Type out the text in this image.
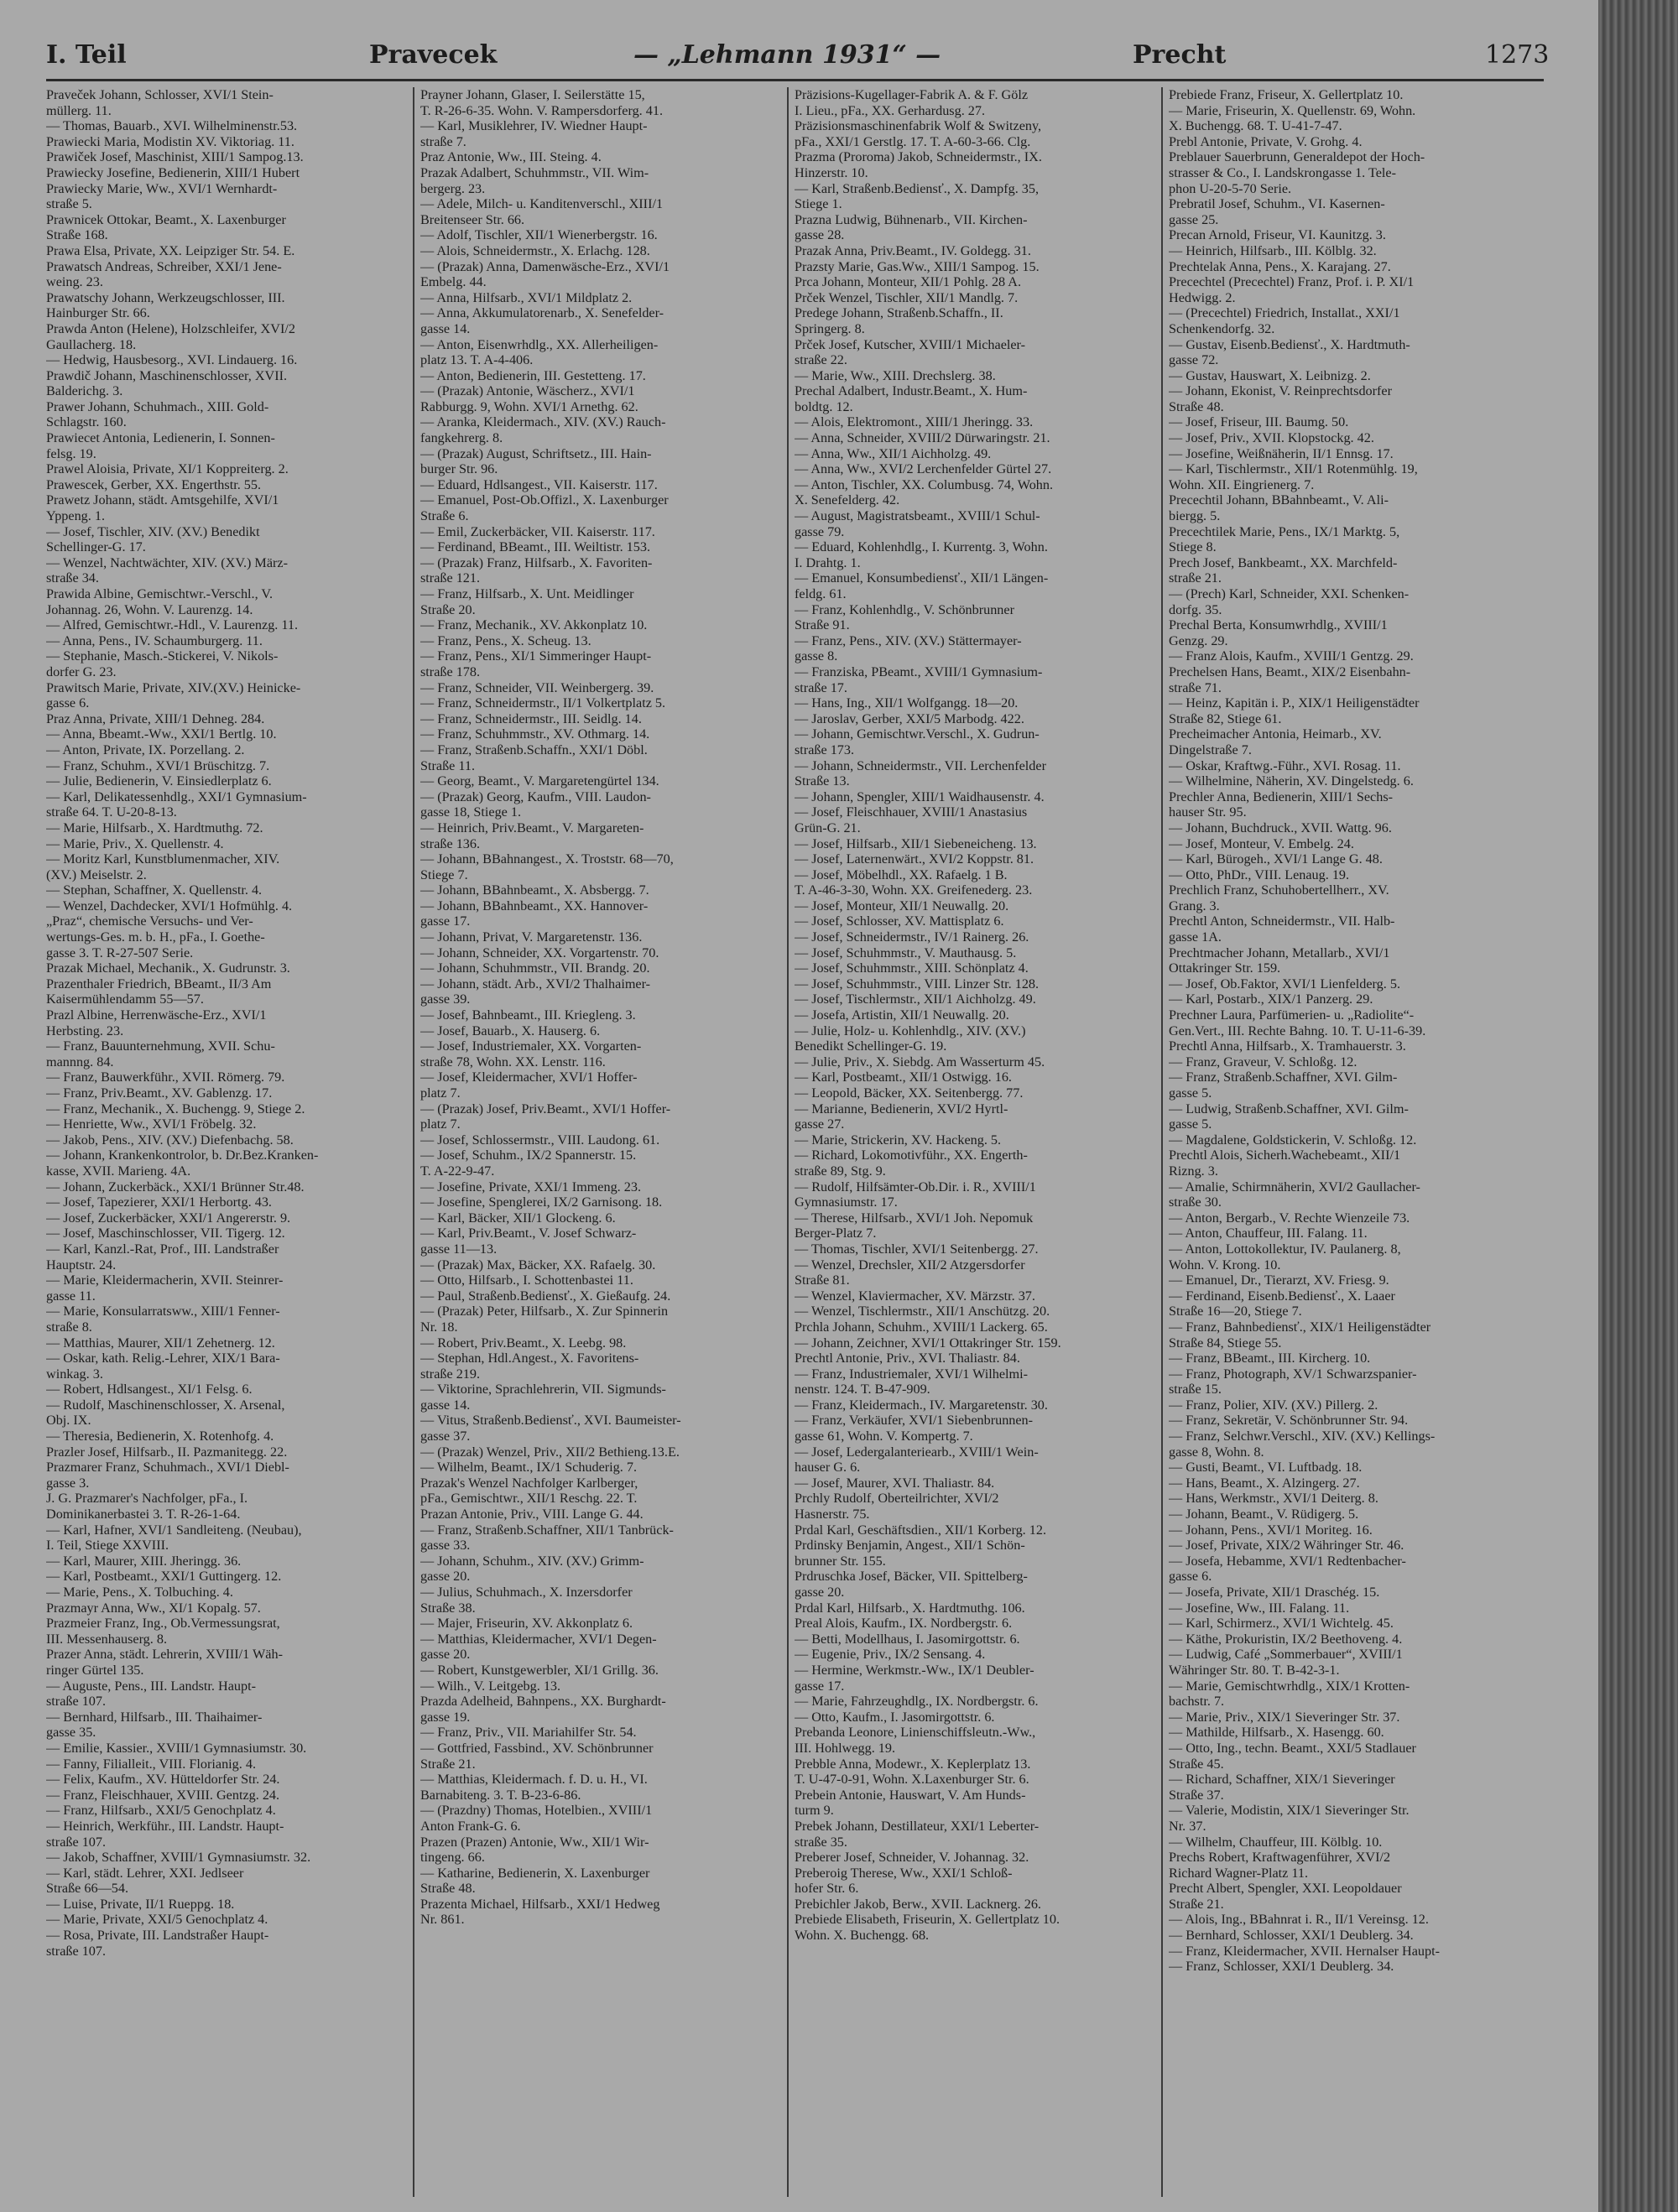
I. Teil	Pravecek	— „Lehmann 1931“ —	Precht	1273
Praveček Johann, Schlosser, XVI/1 Stein-
müllerg. 11.
— Thomas, Bauarb., XVI. Wilhelminenstr.53.
Prawiecki Maria, Modistin XV. Viktoriag. 11.
Prawiček Josef, Maschinist, XIII/1 Sampog.13.
Prawiecky Josefine, Bedienerin, XIII/1 Hubert
Prawiecky Marie, Ww., XVI/1 Wernhardt-
straße 5.
Prawnicek Ottokar, Beamt., X. Laxenburger
Straße 168.
Prawa Elsa, Private, XX. Leipziger Str. 54. E.
Prawatsch Andreas, Schreiber, XXI/1 Jene-
weing. 23.
Prawatschy Johann, Werkzeugschlosser, III.
Hainburger Str. 66.
Prawda Anton (Helene), Holzschleifer, XVI/2
Gaullacherg. 18.
— Hedwig, Hausbesorg., XVI. Lindauerg. 16.
Prawdič Johann, Maschinenschlosser, XVII.
Balderichg. 3.
Prawer Johann, Schuhmach., XIII. Gold-
Schlagstr. 160.
Prawiecet Antonia, Ledienerin, I. Sonnen-
felsg. 19.
Prawel Aloisia, Private, XI/1 Koppreiterg. 2.
Prawescek, Gerber, XX. Engerthstr. 55.
Prawetz Johann, städt. Amtsgehilfe, XVI/1
Yppeng. 1.
— Josef, Tischler, XIV. (XV.) Benedikt
Schellinger-G. 17.
— Wenzel, Nachtwächter, XIV. (XV.) März-
straße 34.
Prawida Albine, Gemischtwr.-Verschl., V.
Johannag. 26, Wohn. V. Laurenzg. 14.
— Alfred, Gemischtwr.-Hdl., V. Laurenzg. 11.
— Anna, Pens., IV. Schaumburgerg. 11.
— Stephanie, Masch.-Stickerei, V. Nikols-
dorfer G. 23.
Prawitsch Marie, Private, XIV.(XV.) Heinicke-
gasse 6.
Praz Anna, Private, XIII/1 Dehneg. 284.
— Anna, Bbeamt.-Ww., XXI/1 Bertlg. 10.
— Anton, Private, IX. Porzellang. 2.
— Franz, Schuhm., XVI/1 Brüschitzg. 7.
— Julie, Bedienerin, V. Einsiedlerplatz 6.
— Karl, Delikatessenhdlg., XXI/1 Gymnasium-
straße 64. T. U-20-8-13.
— Marie, Hilfsarb., X. Hardtmuthg. 72.
— Marie, Priv., X. Quellenstr. 4.
— Moritz Karl, Kunstblumenmacher, XIV.
(XV.) Meiselstr. 2.
— Stephan, Schaffner, X. Quellenstr. 4.
— Wenzel, Dachdecker, XVI/1 Hofmühlg. 4.
„Praz“, chemische Versuchs- und Ver-
wertungs-Ges. m. b. H., pFa., I. Goethe-
gasse 3. T. R-27-507 Serie.
Prazak Michael, Mechanik., X. Gudrunstr. 3.
Prazenthaler Friedrich, BBeamt., II/3 Am
Kaisermühlendamm 55—57.
Prazl Albine, Herrenwäsche-Erz., XVI/1
Herbsting. 23.
— Franz, Bauunternehmung, XVII. Schu-
mannng. 84.
— Franz, Bauwerkführ., XVII. Römerg. 79.
— Franz, Priv.Beamt., XV. Gablenzg. 17.
— Franz, Mechanik., X. Buchengg. 9, Stiege 2.
— Henriette, Ww., XVI/1 Fröbelg. 32.
— Jakob, Pens., XIV. (XV.) Diefenbachg. 58.
— Johann, Krankenkontrolor, b. Dr.Bez.Kranken-
kasse, XVII. Marieng. 4A.
— Johann, Zuckerbäck., XXI/1 Brünner Str.48.
— Josef, Tapezierer, XXI/1 Herbortg. 43.
— Josef, Zuckerbäcker, XXI/1 Angererstr. 9.
— Josef, Maschinschlosser, VII. Tigerg. 12.
— Karl, Kanzl.-Rat, Prof., III. Landstraßer
Hauptstr. 24.
— Marie, Kleidermacherin, XVII. Steinrer-
gasse 11.
— Marie, Konsularratsww., XIII/1 Fenner-
straße 8.
— Matthias, Maurer, XII/1 Zehetnerg. 12.
— Oskar, kath. Relig.-Lehrer, XIX/1 Bara-
winkag. 3.
— Robert, Hdlsangest., XI/1 Felsg. 6.
— Rudolf, Maschinenschlosser, X. Arsenal,
Obj. IX.
— Theresia, Bedienerin, X. Rotenhofg. 4.
Prazler Josef, Hilfsarb., II. Pazmanitegg. 22.
Prazmarer Franz, Schuhmach., XVI/1 Diebl-
gasse 3.
J. G. Prazmarer's Nachfolger, pFa., I.
Dominikanerbastei 3. T. R-26-1-64.
— Karl, Hafner, XVI/1 Sandleiteng. (Neubau),
I. Teil, Stiege XXVIII.
— Karl, Maurer, XIII. Jheringg. 36.
— Karl, Postbeamt., XXI/1 Guttingerg. 12.
— Marie, Pens., X. Tolbuching. 4.
Prazmayr Anna, Ww., XI/1 Kopalg. 57.
Prazmeier Franz, Ing., Ob.Vermessungsrat,
III. Messenhauserg. 8.
Prazer Anna, städt. Lehrerin, XVIII/1 Wäh-
ringer Gürtel 135.
— Auguste, Pens., III. Landstr. Haupt-
straße 107.
— Bernhard, Hilfsarb., III. Thaihaimer-
gasse 35.
— Emilie, Kassier., XVIII/1 Gymnasiumstr. 30.
— Fanny, Filialleit., VIII. Florianig. 4.
— Felix, Kaufm., XV. Hütteldorfer Str. 24.
— Franz, Fleischhauer, XVIII. Gentzg. 24.
— Franz, Hilfsarb., XXI/5 Genochplatz 4.
— Heinrich, Werkführ., III. Landstr. Haupt-
straße 107.
— Jakob, Schaffner, XVIII/1 Gymnasiumstr. 32.
— Karl, städt. Lehrer, XXI. Jedlseer
Straße 66—54.
— Luise, Private, II/1 Rueppg. 18.
— Marie, Private, XXI/5 Genochplatz 4.
— Rosa, Private, III. Landstraßer Haupt-
straße 107.
Prayner Johann, Glaser, I. Seilerstätte 15,
T. R-26-6-35. Wohn. V. Rampersdorferg. 41.
— Karl, Musiklehrer, IV. Wiedner Haupt-
straße 7.
Praz Antonie, Ww., III. Steing. 4.
Prazak Adalbert, Schuhmmstr., VII. Wim-
bergerg. 23.
— Adele, Milch- u. Kanditenverschl., XIII/1
Breitenseer Str. 66.
— Adolf, Tischler, XII/1 Wienerbergstr. 16.
— Alois, Schneidermstr., X. Erlachg. 128.
— (Prazak) Anna, Damenwäsche-Erz., XVI/1
Embelg. 44.
— Anna, Hilfsarb., XVI/1 Mildplatz 2.
— Anna, Akkumulatorenarb., X. Senefelder-
gasse 14.
— Anton, Eisenwrhdlg., XX. Allerheiligen-
platz 13. T. A-4-406.
— Anton, Bedienerin, III. Gestetteng. 17.
— (Prazak) Antonie, Wäscherz., XVI/1
Rabburgg. 9, Wohn. XVI/1 Arnethg. 62.
— Aranka, Kleidermach., XIV. (XV.) Rauch-
fangkehrerg. 8.
— (Prazak) August, Schriftsetz., III. Hain-
burger Str. 96.
— Eduard, Hdlsangest., VII. Kaiserstr. 117.
— Emanuel, Post-Ob.Offizl., X. Laxenburger
Straße 6.
— Emil, Zuckerbäcker, VII. Kaiserstr. 117.
— Ferdinand, BBeamt., III. Weiltistr. 153.
— (Prazak) Franz, Hilfsarb., X. Favoriten-
straße 121.
— Franz, Hilfsarb., X. Unt. Meidlinger
Straße 20.
— Franz, Mechanik., XV. Akkonplatz 10.
— Franz, Pens., X. Scheug. 13.
— Franz, Pens., XI/1 Simmeringer Haupt-
straße 178.
— Franz, Schneider, VII. Weinbergerg. 39.
— Franz, Schneidermstr., II/1 Volkertplatz 5.
— Franz, Schneidermstr., III. Seidlg. 14.
— Franz, Schuhmmstr., XV. Othmarg. 14.
— Franz, Straßenb.Schaffn., XXI/1 Döbl.
Straße 11.
— Georg, Beamt., V. Margaretengürtel 134.
— (Prazak) Georg, Kaufm., VIII. Laudon-
gasse 18, Stiege 1.
— Heinrich, Priv.Beamt., V. Margareten-
straße 136.
— Johann, BBahnangest., X. Troststr. 68—70,
Stiege 7.
— Johann, BBahnbeamt., X. Absbergg. 7.
— Johann, BBahnbeamt., XX. Hannover-
gasse 17.
— Johann, Privat, V. Margaretenstr. 136.
— Johann, Schneider, XX. Vorgartenstr. 70.
— Johann, Schuhmmstr., VII. Brandg. 20.
— Johann, städt. Arb., XVI/2 Thalhaimer-
gasse 39.
— Josef, Bahnbeamt., III. Kriegleng. 3.
— Josef, Bauarb., X. Hauserg. 6.
— Josef, Industriemaler, XX. Vorgarten-
straße 78, Wohn. XX. Lenstr. 116.
— Josef, Kleidermacher, XVI/1 Hoffer-
platz 7.
— (Prazak) Josef, Priv.Beamt., XVI/1 Hoffer-
platz 7.
— Josef, Schlossermstr., VIII. Laudong. 61.
— Josef, Schuhm., IX/2 Spannerstr. 15.
T. A-22-9-47.
— Josefine, Private, XXI/1 Immeng. 23.
— Josefine, Spenglerei, IX/2 Garnisong. 18.
— Karl, Bäcker, XII/1 Glockeng. 6.
— Karl, Priv.Beamt., V. Josef Schwarz-
gasse 11—13.
— (Prazak) Max, Bäcker, XX. Rafaelg. 30.
— Otto, Hilfsarb., I. Schottenbastei 11.
— Paul, Straßenb.Bediensť., X. Gießaufg. 24.
— (Prazak) Peter, Hilfsarb., X. Zur Spinnerin
Nr. 18.
— Robert, Priv.Beamt., X. Leebg. 98.
— Stephan, Hdl.Angest., X. Favoritens-
straße 219.
— Viktorine, Sprachlehrerin, VII. Sigmunds-
gasse 14.
— Vitus, Straßenb.Bediensť., XVI. Baumeister-
gasse 37.
— (Prazak) Wenzel, Priv., XII/2 Bethieng.13.E.
— Wilhelm, Beamt., IX/1 Schuderig. 7.
Prazak's Wenzel Nachfolger Karlberger,
pFa., Gemischtwr., XII/1 Reschg. 22. T.
Prazan Antonie, Priv., VIII. Lange G. 44.
— Franz, Straßenb.Schaffner, XII/1 Tanbrück-
gasse 33.
— Johann, Schuhm., XIV. (XV.) Grimm-
gasse 20.
— Julius, Schuhmach., X. Inzersdorfer
Straße 38.
— Majer, Friseurin, XV. Akkonplatz 6.
— Matthias, Kleidermacher, XVI/1 Degen-
gasse 20.
— Robert, Kunstgewerbler, XI/1 Grillg. 36.
— Wilh., V. Leitgebg. 13.
Prazda Adelheid, Bahnpens., XX. Burghardt-
gasse 19.
— Franz, Priv., VII. Mariahilfer Str. 54.
— Gottfried, Fassbind., XV. Schönbrunner
Straße 21.
— Matthias, Kleidermach. f. D. u. H., VI.
Barnabiteng. 3. T. B-23-6-86.
— (Prazdny) Thomas, Hotelbien., XVIII/1
Anton Frank-G. 6.
Prazen (Prazen) Antonie, Ww., XII/1 Wir-
tingeng. 66.
— Katharine, Bedienerin, X. Laxenburger
Straße 48.
Prazenta Michael, Hilfsarb., XXI/1 Hedweg
Nr. 861.
Präzisions-Kugellager-Fabrik A. & F. Gölz
I. Lieu., pFa., XX. Gerhardusg. 27.
Präzisionsmaschinenfabrik Wolf & Switzeny,
pFa., XXI/1 Gerstlg. 17. T. A-60-3-66. Clg.
Prazma (Proroma) Jakob, Schneidermstr., IX.
Hinzerstr. 10.
— Karl, Straßenb.Bediensť., X. Dampfg. 35,
Stiege 1.
Prazna Ludwig, Bühnenarb., VII. Kirchen-
gasse 28.
Prazak Anna, Priv.Beamt., IV. Goldegg. 31.
Prazsty Marie, Gas.Ww., XIII/1 Sampog. 15.
Prca Johann, Monteur, XII/1 Pohlg. 28 A.
Prček Wenzel, Tischler, XII/1 Mandlg. 7.
Predege Johann, Straßenb.Schaffn., II.
Springerg. 8.
Prček Josef, Kutscher, XVIII/1 Michaeler-
straße 22.
— Marie, Ww., XIII. Drechslerg. 38.
Prechal Adalbert, Industr.Beamt., X. Hum-
boldtg. 12.
— Alois, Elektromont., XIII/1 Jheringg. 33.
— Anna, Schneider, XVIII/2 Dürwaringstr. 21.
— Anna, Ww., XII/1 Aichholzg. 49.
— Anna, Ww., XVI/2 Lerchenfelder Gürtel 27.
— Anton, Tischler, XX. Columbusg. 74, Wohn.
X. Senefelderg. 42.
— August, Magistratsbeamt., XVIII/1 Schul-
gasse 79.
— Eduard, Kohlenhdlg., I. Kurrentg. 3, Wohn.
I. Drahtg. 1.
— Emanuel, Konsumbediensť., XII/1 Längen-
feldg. 61.
— Franz, Kohlenhdlg., V. Schönbrunner
Straße 91.
— Franz, Pens., XIV. (XV.) Stättermayer-
gasse 8.
— Franziska, PBeamt., XVIII/1 Gymnasium-
straße 17.
— Hans, Ing., XII/1 Wolfgangg. 18—20.
— Jaroslav, Gerber, XXI/5 Marbodg. 422.
— Johann, Gemischtwr.Verschl., X. Gudrun-
straße 173.
— Johann, Schneidermstr., VII. Lerchenfelder
Straße 13.
— Johann, Spengler, XIII/1 Waidhausenstr. 4.
— Josef, Fleischhauer, XVIII/1 Anastasius
Grün-G. 21.
— Josef, Hilfsarb., XII/1 Siebeneicheng. 13.
— Josef, Laternenwärt., XVI/2 Koppstr. 81.
— Josef, Möbelhdl., XX. Rafaelg. 1 B.
T. A-46-3-30, Wohn. XX. Greifenederg. 23.
— Josef, Monteur, XII/1 Neuwallg. 20.
— Josef, Schlosser, XV. Mattisplatz 6.
— Josef, Schneidermstr., IV/1 Rainerg. 26.
— Josef, Schuhmmstr., V. Mauthausg. 5.
— Josef, Schuhmmstr., XIII. Schönplatz 4.
— Josef, Schuhmmstr., VIII. Linzer Str. 128.
— Josef, Tischlermstr., XII/1 Aichholzg. 49.
— Josefa, Artistin, XII/1 Neuwallg. 20.
— Julie, Holz- u. Kohlenhdlg., XIV. (XV.)
Benedikt Schellinger-G. 19.
— Julie, Priv., X. Siebdg. Am Wasserturm 45.
— Karl, Postbeamt., XII/1 Ostwigg. 16.
— Leopold, Bäcker, XX. Seitenbergg. 77.
— Marianne, Bedienerin, XVI/2 Hyrtl-
gasse 27.
— Marie, Strickerin, XV. Hackeng. 5.
— Richard, Lokomotivführ., XX. Engerth-
straße 89, Stg. 9.
— Rudolf, Hilfsämter-Ob.Dir. i. R., XVIII/1
Gymnasiumstr. 17.
— Therese, Hilfsarb., XVI/1 Joh. Nepomuk
Berger-Platz 7.
— Thomas, Tischler, XVI/1 Seitenbergg. 27.
— Wenzel, Drechsler, XII/2 Atzgersdorfer
Straße 81.
— Wenzel, Klaviermacher, XV. Märzstr. 37.
— Wenzel, Tischlermstr., XII/1 Anschützg. 20.
Prchla Johann, Schuhm., XVIII/1 Lackerg. 65.
— Johann, Zeichner, XVI/1 Ottakringer Str. 159.
Prechtl Antonie, Priv., XVI. Thaliastr. 84.
— Franz, Industriemaler, XVI/1 Wilhelmi-
nenstr. 124. T. B-47-909.
— Franz, Kleidermach., IV. Margaretenstr. 30.
— Franz, Verkäufer, XVI/1 Siebenbrunnen-
gasse 61, Wohn. V. Kompertg. 7.
— Josef, Ledergalanteriearb., XVIII/1 Wein-
hauser G. 6.
— Josef, Maurer, XVI. Thaliastr. 84.
Prchly Rudolf, Oberteilrichter, XVI/2
Hasnerstr. 75.
Prdal Karl, Geschäftsdien., XII/1 Korberg. 12.
Prdinsky Benjamin, Angest., XII/1 Schön-
brunner Str. 155.
Prdruschka Josef, Bäcker, VII. Spittelberg-
gasse 20.
Prdal Karl, Hilfsarb., X. Hardtmuthg. 106.
Preal Alois, Kaufm., IX. Nordbergstr. 6.
— Betti, Modellhaus, I. Jasomirgottstr. 6.
— Eugenie, Priv., IX/2 Sensang. 4.
— Hermine, Werkmstr.-Ww., IX/1 Deubler-
gasse 17.
— Marie, Fahrzeughdlg., IX. Nordbergstr. 6.
— Otto, Kaufm., I. Jasomirgottstr. 6.
Prebanda Leonore, Linienschiffsleutn.-Ww.,
III. Hohlwegg. 19.
Prebble Anna, Modewr., X. Keplerplatz 13.
T. U-47-0-91, Wohn. X.Laxenburger Str. 6.
Prebein Antonie, Hauswart, V. Am Hunds-
turm 9.
Prebek Johann, Destillateur, XXI/1 Leberter-
straße 35.
Preberer Josef, Schneider, V. Johannag. 32.
Preberoig Therese, Ww., XXI/1 Schloß-
hofer Str. 6.
Prebichler Jakob, Berw., XVII. Lacknerg. 26.
Prebiede Elisabeth, Friseurin, X. Gellertplatz 10.
Wohn. X. Buchengg. 68.
Prebiede Franz, Friseur, X. Gellertplatz 10.
— Marie, Friseurin, X. Quellenstr. 69, Wohn.
X. Buchengg. 68. T. U-41-7-47.
Prebl Antonie, Private, V. Grohg. 4.
Preblauer Sauerbrunn, Generaldepot der Hoch-
strasser & Co., I. Landskrongasse 1. Tele-
phon U-20-5-70 Serie.
Prebratil Josef, Schuhm., VI. Kasernen-
gasse 25.
Precan Arnold, Friseur, VI. Kaunitzg. 3.
— Heinrich, Hilfsarb., III. Kölblg. 32.
Prechtelak Anna, Pens., X. Karajang. 27.
Precechtel (Precechtel) Franz, Prof. i. P. XI/1
Hedwigg. 2.
— (Precechtel) Friedrich, Installat., XXI/1
Schenkendorfg. 32.
— Gustav, Eisenb.Bediensť., X. Hardtmuth-
gasse 72.
— Gustav, Hauswart, X. Leibnizg. 2.
— Johann, Ekonist, V. Reinprechtsdorfer
Straße 48.
— Josef, Friseur, III. Baumg. 50.
— Josef, Priv., XVII. Klopstockg. 42.
— Josefine, Weißnäherin, II/1 Ennsg. 17.
— Karl, Tischlermstr., XII/1 Rotenmühlg. 19,
Wohn. XII. Eingrienerg. 7.
Precechtil Johann, BBahnbeamt., V. Ali-
biergg. 5.
Precechtilek Marie, Pens., IX/1 Marktg. 5,
Stiege 8.
Prech Josef, Bankbeamt., XX. Marchfeld-
straße 21.
— (Prech) Karl, Schneider, XXI. Schenken-
dorfg. 35.
Prechal Berta, Konsumwrhdlg., XVIII/1
Genzg. 29.
— Franz Alois, Kaufm., XVIII/1 Gentzg. 29.
Prechelsen Hans, Beamt., XIX/2 Eisenbahn-
straße 71.
— Heinz, Kapitän i. P., XIX/1 Heiligenstädter
Straße 82, Stiege 61.
Precheimacher Antonia, Heimarb., XV.
Dingelstraße 7.
— Oskar, Kraftwg.-Führ., XVI. Rosag. 11.
— Wilhelmine, Näherin, XV. Dingelstedg. 6.
Prechler Anna, Bedienerin, XIII/1 Sechs-
hauser Str. 95.
— Johann, Buchdruck., XVII. Wattg. 96.
— Josef, Monteur, V. Embelg. 24.
— Karl, Bürogeh., XVI/1 Lange G. 48.
— Otto, PhDr., VIII. Lenaug. 19.
Prechlich Franz, Schuhobertellherr., XV.
Grang. 3.
Prechtl Anton, Schneidermstr., VII. Halb-
gasse 1A.
Prechtmacher Johann, Metallarb., XVI/1
Ottakringer Str. 159.
— Josef, Ob.Faktor, XVI/1 Lienfelderg. 5.
— Karl, Postarb., XIX/1 Panzerg. 29.
Prechner Laura, Parfümerien- u. „Radiolite“-
Gen.Vert., III. Rechte Bahng. 10. T. U-11-6-39.
Prechtl Anna, Hilfsarb., X. Tramhauerstr. 3.
— Franz, Graveur, V. Schloßg. 12.
— Franz, Straßenb.Schaffner, XVI. Gilm-
gasse 5.
— Ludwig, Straßenb.Schaffner, XVI. Gilm-
gasse 5.
— Magdalene, Goldstickerin, V. Schloßg. 12.
Prechtl Alois, Sicherh.Wachebeamt., XII/1
Rizng. 3.
— Amalie, Schirmnäherin, XVI/2 Gaullacher-
straße 30.
— Anton, Bergarb., V. Rechte Wienzeile 73.
— Anton, Chauffeur, III. Falang. 11.
— Anton, Lottokollektur, IV. Paulanerg. 8,
Wohn. V. Krong. 10.
— Emanuel, Dr., Tierarzt, XV. Friesg. 9.
— Ferdinand, Eisenb.Bediensť., X. Laaer
Straße 16—20, Stiege 7.
— Franz, Bahnbediensť., XIX/1 Heiligenstädter
Straße 84, Stiege 55.
— Franz, BBeamt., III. Kircherg. 10.
— Franz, Photograph, XV/1 Schwarzspanier-
straße 15.
— Franz, Polier, XIV. (XV.) Pillerg. 2.
— Franz, Sekretär, V. Schönbrunner Str. 94.
— Franz, Selchwr.Verschl., XIV. (XV.) Kellings-
gasse 8, Wohn. 8.
— Gusti, Beamt., VI. Luftbadg. 18.
— Hans, Beamt., X. Alzingerg. 27.
— Hans, Werkmstr., XVI/1 Deiterg. 8.
— Johann, Beamt., V. Rüdigerg. 5.
— Johann, Pens., XVI/1 Moriteg. 16.
— Josef, Private, XIX/2 Währinger Str. 46.
— Josefa, Hebamme, XVI/1 Redtenbacher-
gasse 6.
— Josefa, Private, XII/1 Draschég. 15.
— Josefine, Ww., III. Falang. 11.
— Karl, Schirmerz., XVI/1 Wichtelg. 45.
— Käthe, Prokuristin, IX/2 Beethoveng. 4.
— Ludwig, Café „Sommerbauer“, XVIII/1
Währinger Str. 80. T. B-42-3-1.
— Marie, Gemischtwrhdlg., XIX/1 Krotten-
bachstr. 7.
— Marie, Priv., XIX/1 Sieveringer Str. 37.
— Mathilde, Hilfsarb., X. Hasengg. 60.
— Otto, Ing., techn. Beamt., XXI/5 Stadlauer
Straße 45.
— Richard, Schaffner, XIX/1 Sieveringer
Straße 37.
— Valerie, Modistin, XIX/1 Sieveringer Str.
Nr. 37.
— Wilhelm, Chauffeur, III. Kölblg. 10.
Prechs Robert, Kraftwagenführer, XVI/2
Richard Wagner-Platz 11.
Precht Albert, Spengler, XXI. Leopoldauer
Straße 21.
— Alois, Ing., BBahnrat i. R., II/1 Vereinsg. 12.
— Bernhard, Schlosser, XXI/1 Deublerg. 34.
— Franz, Kleidermacher, XVII. Hernalser Haupt-
— Franz, Schlosser, XXI/1 Deublerg. 34.
